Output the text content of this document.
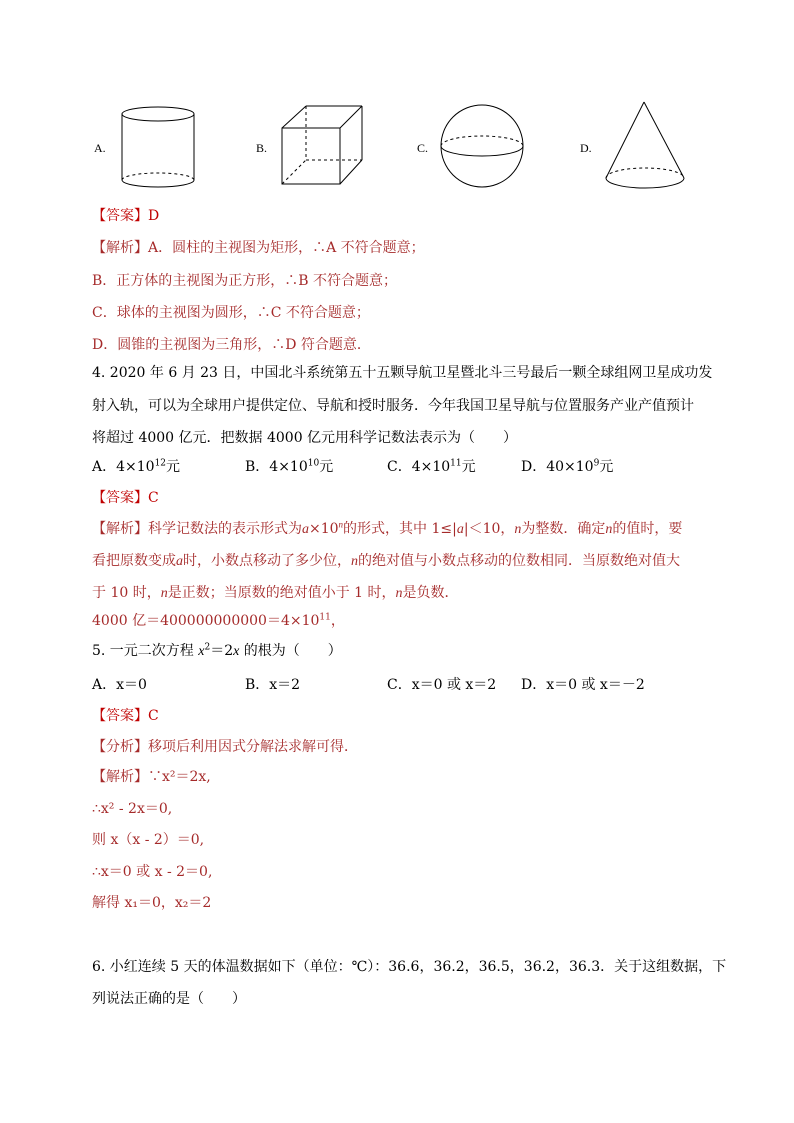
A.	B.	C.	D.
【答案】D
【解析】A．圆柱的主视图为矩形，∴A 不符合题意；
B．正方体的主视图为正方形，∴B 不符合题意；
C．球体的主视图为圆形，∴C 不符合题意；
D．圆锥的主视图为三角形，∴D 符合题意．
4. 2020 年 6 月 23 日，中国北斗系统第五十五颗导航卫星暨北斗三号最后一颗全球组网卫星成功发
射入轨，可以为全球用户提供定位、导航和授时服务．今年我国卫星导航与位置服务产业产值预计
将超过 4000 亿元．把数据 4000 亿元用科学记数法表示为（　　）
A．$4\times 10^{12}$元	B．$4\times 10^{10}$元	C．$4\times 10^{11}$元	D．$40\times 10^9$元
【答案】C
【解析】科学记数法的表示形式为$a\times 10^n$的形式，其中 1≤|a|＜10，n为整数．确定n的值时，要
看把原数变成a时，小数点移动了多少位，n的绝对值与小数点移动的位数相同．当原数绝对值大
于 10 时，n是正数；当原数的绝对值小于 1 时，n是负数．
4000 亿$=400000000000=4\times 10^{11}$，
5. 一元二次方程 $x^2=2x$ 的根为（　　）
A．x＝0	B．x＝2	C．x＝0 或 x＝2 D．x＝0 或 x＝－2
【答案】C
【分析】移项后利用因式分解法求解可得．
【解析】∵x²＝2x,
∴x² - 2x＝0,
则 x（x - 2）＝0,
∴x＝0 或 x - 2＝0,
解得 x₁＝0，x₂＝2
6. 小红连续 5 天的体温数据如下（单位：℃）：36.6，36.2，36.5，36.2，36.3．关于这组数据，下
列说法正确的是（　　）
